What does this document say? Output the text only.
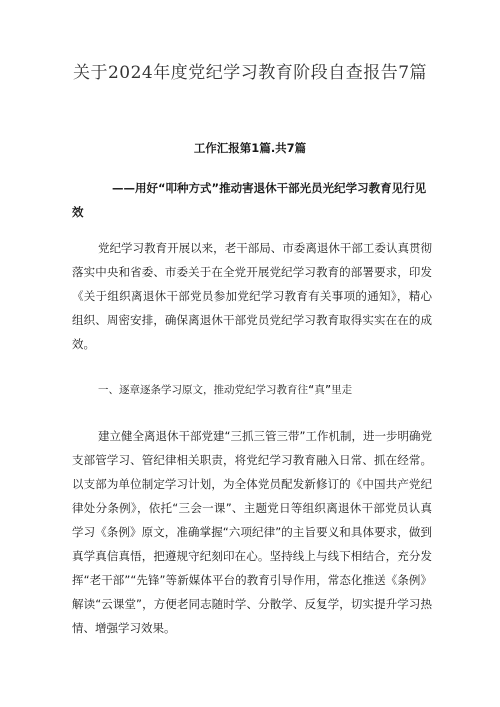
关于2024年度党纪学习教育阶段自查报告7篇

工作汇报第1篇.共7篇

——用好“叩种方式”推动害退休干部光员光纪学习教育见行见效

党纪学习教育开展以来，老干部局、市委离退休干部工委认真贯彻落实中央和省委、市委关于在全党开展党纪学习教育的部署要求，印发《关于组织离退休干部党员参加党纪学习教育有关事项的通知》，精心组织、周密安排，确保离退休干部党员党纪学习教育取得实实在在的成效。

一、逐章逐条学习原文，推动党纪学习教育往“真”里走

建立健全离退休干部党建“三抓三管三带”工作机制，进一步明确党支部管学习、管纪律相关职责，将党纪学习教育融入日常、抓在经常。以支部为单位制定学习计划，为全体党员配发新修订的《中国共产党纪律处分条例》，依托“三会一课”、主题党日等组织离退休干部党员认真学习《条例》原文，准确掌握“六项纪律”的主旨要义和具体要求，做到真学真信真悟，把遵规守纪刻印在心。坚持线上与线下相结合，充分发挥“老干部”“先锋”等新媒体平台的教育引导作用，常态化推送《条例》解读“云课堂”，方便老同志随时学、分散学、反复学，切实提升学习热情、增强学习效果。
